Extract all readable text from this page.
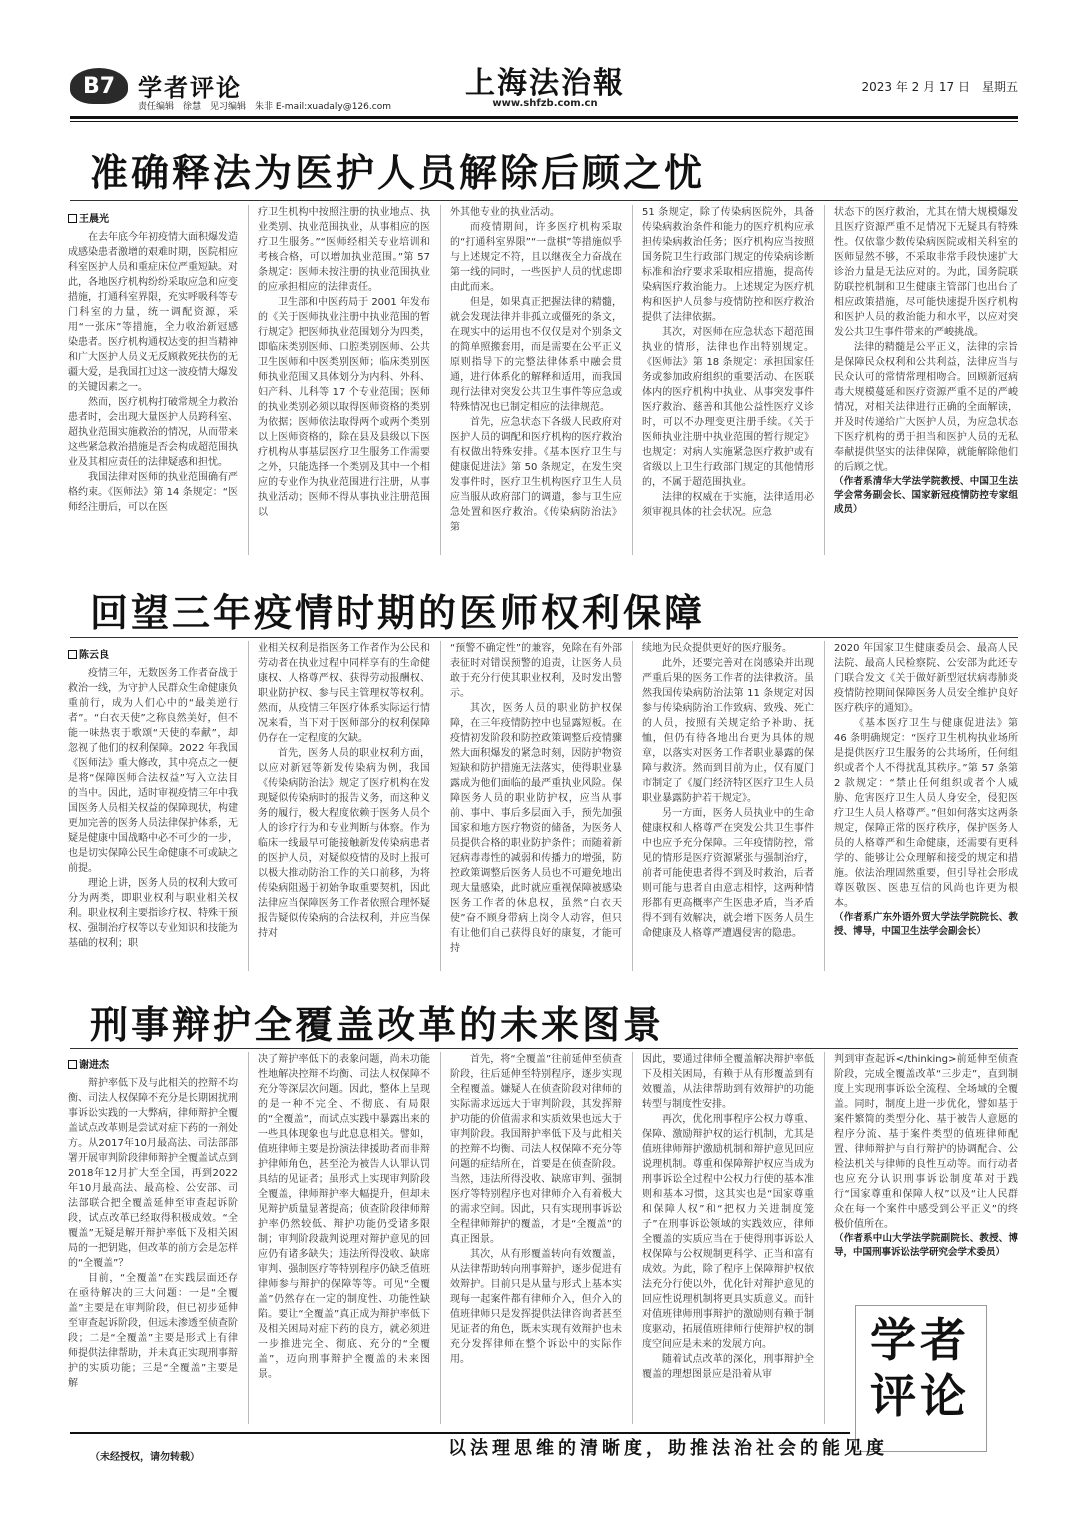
B7 学者评论
责任编辑　徐慧　见习编辑　朱非 E-mail:xuadaly@126.com
上海法治報
www.shfzb.com.cn
2023 年 2 月 17 日　星期五
准确释法为医护人员解除后顾之忧
王晨光

在去年底今年初疫情大面积爆发造成感染患者激增的艰难时期，医院相应科室医护人员和重症床位严重短缺。对此，各地医疗机构纷纷采取应急和应变措施，打通科室界限，充实呼吸科等专门科室的力量，统一调配资源，采用“一张床”等措施，全力收治新冠感染患者。医疗机构通权达变的担当精神和广大医护人员义无反顾救死扶伤的无疆大爱，是我国扛过这一波疫情大爆发的关键因素之一。

然而，医疗机构打破常规全力救治患者时，会出现大量医护人员跨科室、超执业范围实施救治的情况，从而带来这些紧急救治措施是否会构成超范围执业及其相应责任的法律疑惑和担忧。

我国法律对医师的执业范围确有严格约束。《医师法》第 14 条规定：“医师经注册后，可以在医

疗卫生机构中按照注册的执业地点、执业类别、执业范围执业，从事相应的医疗卫生服务。”“医师经相关专业培训和考核合格，可以增加执业范围。”第 57 条规定：医师未按注册的执业范围执业的应承担相应的法律责任。

卫生部和中医药局于 2001 年发布的《关于医师执业注册中执业范围的暂行规定》把医师执业范围划分为四类，即临床类别医师、口腔类别医师、公共卫生医师和中医类别医师；临床类别医师执业范围又具体划分为内科、外科、妇产科、儿科等 17 个专业范围；医师的执业类别必须以取得医师资格的类别为依据；医师依法取得两个或两个类别以上医师资格的，除在县及县级以下医疗机构从事基层医疗卫生服务工作需要之外，只能选择一个类别及其中一个相应的专业作为执业范围进行注册，从事执业活动；医师不得从事执业注册范围以

外其他专业的执业活动。

而疫情期间，许多医疗机构采取的“打通科室界限”“一盘棋”等措施似乎与上述规定不符，且以继夜全力奋战在第一线的同时，一些医护人员的忧虑即由此而来。

但是，如果真正把握法律的精髓，就会发现法律并非孤立或僵死的条文，在现实中的运用也不仅仅是对个别条文的简单照搬套用，而是需要在公平正义原则指导下的完整法律体系中融会贯通，进行体系化的解释和适用，而我国现行法律对突发公共卫生事件等应急或特殊情况也已制定相应的法律规范。

首先，应急状态下各级人民政府对医护人员的调配和医疗机构的医疗救治有权做出特殊安排。《基本医疗卫生与健康促进法》第 50 条规定，在发生突发事件时，医疗卫生机构医疗卫生人员应当服从政府部门的调遣，参与卫生应急处置和医疗救治。《传染病防治法》第

51 条规定，除了传染病医院外，具备传染病救治条件和能力的医疗机构应承担传染病救治任务；医疗机构应当按照国务院卫生行政部门规定的传染病诊断标准和治疗要求采取相应措施，提高传染病医疗救治能力。上述规定为医疗机构和医护人员参与疫情防控和医疗救治提供了法律依据。

其次，对医师在应急状态下超范围执业的情形，法律也作出特别规定。《医师法》第 18 条规定：承担国家任务或参加政府组织的重要活动、在医联体内的医疗机构中执业、从事突发事件医疗救治、慈善和其他公益性医疗义诊时，可以不办理变更注册手续。《关于医师执业注册中执业范围的暂行规定》也规定：对病人实施紧急医疗救护或有省级以上卫生行政部门规定的其他情形的，不属于超范围执业。

法律的权威在于实施，法律适用必须审视具体的社会状况。应急

状态下的医疗救治，尤其在情大规模爆发且医疗资源严重不足情况下无疑具有特殊性。仅依靠少数传染病医院或相关科室的医师显然不够，不采取非常手段快速扩大诊治力量是无法应对的。为此，国务院联防联控机制和卫生健康主管部门也出台了相应政策措施，尽可能快速提升医疗机构和医护人员的救治能力和水平，以应对突发公共卫生事件带来的严峻挑战。

法律的精髓是公平正义，法律的宗旨是保障民众权利和公共利益，法律应当与民众认可的常情常理相吻合。回顾新冠病毒大规模蔓延和医疗资源严重不足的严峻情况，对相关法律进行正确的全面解读，并及时传递给广大医护人员，为应急状态下医疗机构的勇于担当和医护人员的无私奉献提供坚实的法律保障，就能解除他们的后顾之忧。

（作者系清华大学法学院教授、中国卫生法学会常务副会长、国家新冠疫情防控专家组成员）

回望三年疫情时期的医师权利保障
陈云良

疫情三年，无数医务工作者奋战于救治一线，为守护人民群众生命健康负重前行，成为人们心中的“最美逆行者”。“白衣天使”之称良然美好，但不能一味热衷于歌颂“天使的奉献”，却忽视了他们的权利保障。2022 年我国《医师法》重大修改，其中亮点之一便是将“保障医师合法权益”写入立法目的当中。因此，适时审视疫情三年中我国医务人员相关权益的保障现状，构建更加完善的医务人员法律保护体系，无疑是健康中国战略中必不可少的一步，也是切实保障公民生命健康不可或缺之前提。

理论上讲，医务人员的权利大致可分为两类，即职业权利与职业相关权利。职业权利主要指诊疗权、特殊干预权、强制治疗权等以专业知识和技能为基础的权利；职

业相关权利是指医务工作者作为公民和劳动者在执业过程中同样享有的生命健康权、人格尊严权、获得劳动报酬权、职业防护权、参与民主管理权等权利。然而，从疫情三年医疗体系实际运行情况来看，当下对于医师部分的权利保障仍存在一定程度的欠缺。

首先，医务人员的职业权利方面，以应对新冠等新发传染病为例，我国《传染病防治法》规定了医疗机构在发现疑似传染病时的报告义务，而这种义务的履行，极大程度依赖于医务人员个人的诊疗行为和专业判断与体察。作为临床一线最早可能接触新发传染病患者的医护人员，对疑似疫情的及时上报可以极大推动防治工作的关口前移，为将传染病阻遏于初始争取重要契机，因此法律应当保障医务工作者依照合理怀疑报告疑似传染病的合法权利，并应当保持对

“预警不确定性”的兼容，免除在有外部表征时对错误预警的追责，让医务人员敢于充分行使其职业权利，及时发出警示。

其次，医务人员的职业防护权保障，在三年疫情防控中也显露短板。在疫情初发阶段和防控政策调整后疫情骤然大面积爆发的紧急时刻，因防护物资短缺和防护措施无法落实，使得职业暴露成为他们面临的最严重执业风险。保障医务人员的职业防护权，应当从事前、事中、事后多层面入手，预先加强国家和地方医疗物资的储备，为医务人员提供合格的职业防护条件；而随着新冠病毒毒性的减弱和传播力的增强，防控政策调整后医务人员也不可避免地出现大量感染，此时就应重视保障被感染医务工作者的休息权，虽然“白衣天使”奋不顾身带病上岗令人动容，但只有让他们自己获得良好的康复，才能可持

续地为民众提供更好的医疗服务。

此外，还要完善对在岗感染并出现严重后果的医务工作者的法律救济。虽然我国传染病防治法第 11 条规定对因参与传染病防治工作致病、致残、死亡的人员，按照有关规定给予补助、抚恤，但仍有待各地出台更为具体的规章，以落实对医务工作者职业暴露的保障与救济。然而到目前为止，仅有厦门市制定了《厦门经济特区医疗卫生人员职业暴露防护若干规定》。

另一方面，医务人员执业中的生命健康权和人格尊严在突发公共卫生事件中也应予充分保障。三年疫情防控，常见的情形是医疗资源紧张与强制治疗，前者可能使患者得不到及时救治，后者则可能与患者自由意志相悖，这两种情形都有更高概率产生医患矛盾，当矛盾得不到有效解决，就会增下医务人员生命健康及人格尊严遭遇侵害的隐患。

2020 年国家卫生健康委员会、最高人民法院、最高人民检察院、公安部为此还专门联合发文《关于做好新型冠状病毒肺炎疫情防控期间保障医务人员安全维护良好医疗秩序的通知》。

《基本医疗卫生与健康促进法》第 46 条明确规定：“医疗卫生机构执业场所是提供医疗卫生服务的公共场所，任何组织或者个人不得扰乱其秩序。”第 57 条第 2 款规定：“禁止任何组织或者个人威胁、危害医疗卫生人员人身安全，侵犯医疗卫生人员人格尊严。”但如何落实这两条规定，保障正常的医疗秩序，保护医务人员的人格尊严和生命健康，还需要有更科学的、能够让公众理解和接受的规定和措施。依法治理固然重要，但引导社会形成尊医敬医、医患互信的风尚也许更为根本。

（作者系广东外语外贸大学法学院院长、教授、博导，中国卫生法学会副会长）

刑事辩护全覆盖改革的未来图景
谢进杰

辩护率低下及与此相关的控辩不均衡、司法人权保障不充分是长期困扰刑事诉讼实践的一大弊病，律师辩护全覆盖试点改革则是尝试对症下药的一剂处方。从2017年10月最高法、司法部部署开展审判阶段律师辩护全覆盖试点到2018年12月扩大至全国，再到2022年10月最高法、最高检、公安部、司法部联合把全覆盖延伸至审查起诉阶段，试点改革已经取得积极成效。“全覆盖”无疑是解开辩护率低下及相关困局的一把钥匙，但改革的前方会是怎样的“全覆盖”？

目前，“全覆盖”在实践层面还存在亟待解决的三大问题：一是“全覆盖”主要是在审判阶段，但已初步延伸至审查起诉阶段，但远未渗透至侦查阶段；二是“全覆盖”主要是形式上有律师提供法律帮助，并未真正实现刑事辩护的实质功能；三是“全覆盖”主要是解

决了辩护率低下的表象问题，尚未功能性地解决控辩不均衡、司法人权保障不充分等深层次问题。因此，整体上呈现的是一种不完全、不彻底、有局限的“全覆盖”，而试点实践中暴露出来的一些具体现象也与此息息相关。譬如，值班律师主要是扮演法律援助者而非辩护律师角色，甚至沦为被告人认罪认罚具结的见证者；虽形式上实现审判阶段全覆盖，律师辩护率大幅提升，但却未见辩护质量显著提高；侦查阶段律师辩护率仍然较低、辩护功能仍受诸多限制；审判阶段裁判说理对辩护意见的回应仍有诸多缺失；违法所得没收、缺席审判、强制医疗等特别程序仍缺乏值班律师参与辩护的保障等等。可见“全覆盖”仍然存在一定的制度性、功能性缺陷。要让“全覆盖”真正成为辩护率低下及相关困局对症下药的良方，就必须进一步推进完全、彻底、充分的“全覆盖”，迈向刑事辩护全覆盖的未来图景。

首先，将“全覆盖”往前延伸至侦查阶段，往后延伸至特别程序，逐步实现全程覆盖。嫌疑人在侦查阶段对律师的实际需求远远大于审判阶段，其发挥辩护功能的价值需求和实质效果也远大于审判阶段。我国辩护率低下及与此相关的控辩不均衡、司法人权保障不充分等问题的症结所在，首要是在侦查阶段。当然，违法所得没收、缺席审判、强制医疗等特别程序也对律师介入有着极大的需求空间。因此，只有实现刑事诉讼全程律师辩护的覆盖，才是“全覆盖”的真正图景。

其次，从有形覆盖转向有效覆盖，从法律帮助转向刑事辩护，逐步促进有效辩护。目前只是从量与形式上基本实现每一起案件都有律师介入，但介入的值班律师只是发挥提供法律咨询者甚至见证者的角色，既未实现有效辩护也未充分发挥律师在整个诉讼中的实际作用。

因此，要通过律师全覆盖解决辩护率低下及相关困局，有赖于从有形覆盖到有效覆盖，从法律帮助到有效辩护的功能转型与制度性安排。

再次，优化刑事程序公权力尊重、保障、激励辩护权的运行机制，尤其是值班律师辩护激励机制和辩护意见回应说理机制。尊重和保障辩护权应当成为刑事诉讼全过程中公权力行使的基本准则和基本习惯，这其实也是“国家尊重和保障人权”和“把权力关进制度笼子”在刑事诉讼领域的实践效应，律师全覆盖的实质应当在于使得刑事诉讼人权保障与公权规制更科学、正当和富有成效。为此，除了程序上保障辩护权依法充分行使以外，优化针对辩护意见的回应性说理机制将更具实质意义。而针对值班律师刑事辩护的激励则有赖于制度驱动，拓展值班律师行使辩护权的制度空间应是未来的发展方向。

随着试点改革的深化，刑事辩护全覆盖的理想图景应是沿着从审

判到审查起诉</thinking>前延伸至侦查阶段，完成全覆盖改革“三步走”，直到制度上实现刑事诉讼全流程、全场域的全覆盖。同时，制度上进一步优化，譬如基于案件繁简的类型分化、基于被告人意愿的程序分流、基于案件类型的值班律师配置、律师辩护与自行辩护的协调配合、公检法机关与律师的良性互动等。而行动者也应充分认识刑事诉讼制度革对于践行“国家尊重和保障人权”以及“让人民群众在每一个案件中感受到公平正义”的终极价值所在。

（作者系中山大学法学院副院长、教授、博导，中国刑事诉讼法学研究会学术委员）

学者评论
（未经授权，请勿转载）	以法理思维的清晰度，助推法治社会的能见度
